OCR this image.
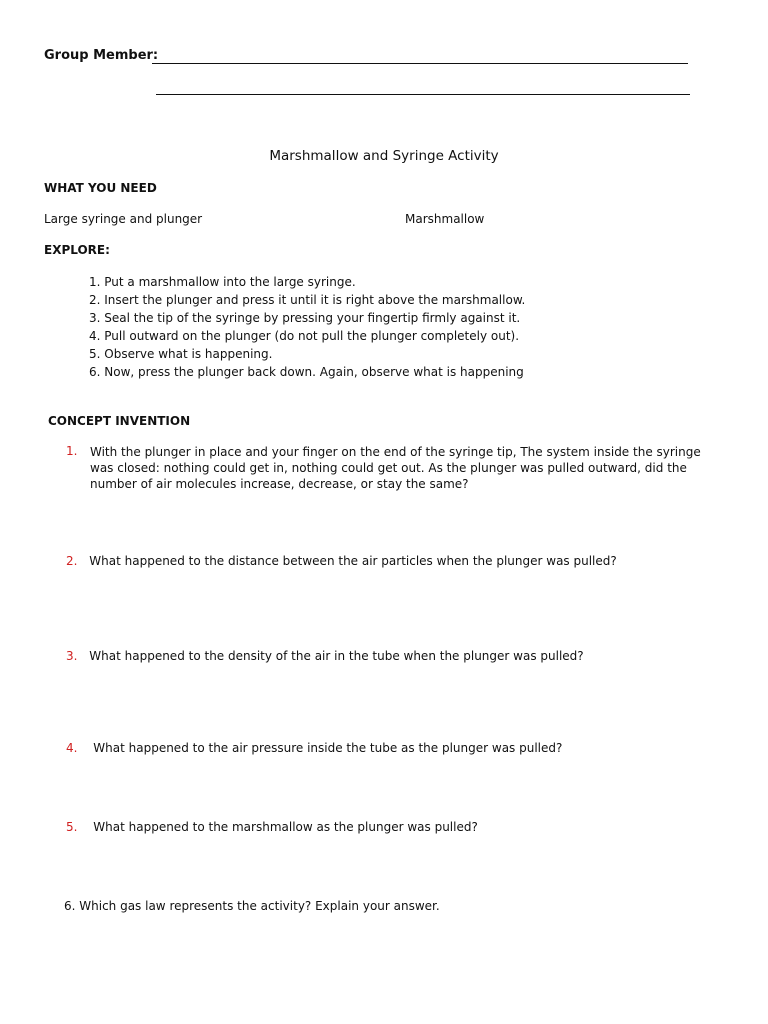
Group Member:
Marshmallow and Syringe Activity
WHAT YOU NEED
Large syringe and plunger	Marshmallow
EXPLORE:
1. Put a marshmallow into the large syringe.
2. Insert the plunger and press it until it is right above the marshmallow.
3. Seal the tip of the syringe by pressing your fingertip firmly against it.
4. Pull outward on the plunger (do not pull the plunger completely out).
5. Observe what is happening.
6. Now, press the plunger back down. Again, observe what is happening
CONCEPT INVENTION
1. With the plunger in place and your finger on the end of the syringe tip, The system inside the syringe was closed: nothing could get in, nothing could get out. As the plunger was pulled outward, did the number of air molecules increase, decrease, or stay the same?
2. What happened to the distance between the air particles when the plunger was pulled?
3. What happened to the density of the air in the tube when the plunger was pulled?
4. What happened to the air pressure inside the tube as the plunger was pulled?
5. What happened to the marshmallow as the plunger was pulled?
6. Which gas law represents the activity? Explain your answer.
